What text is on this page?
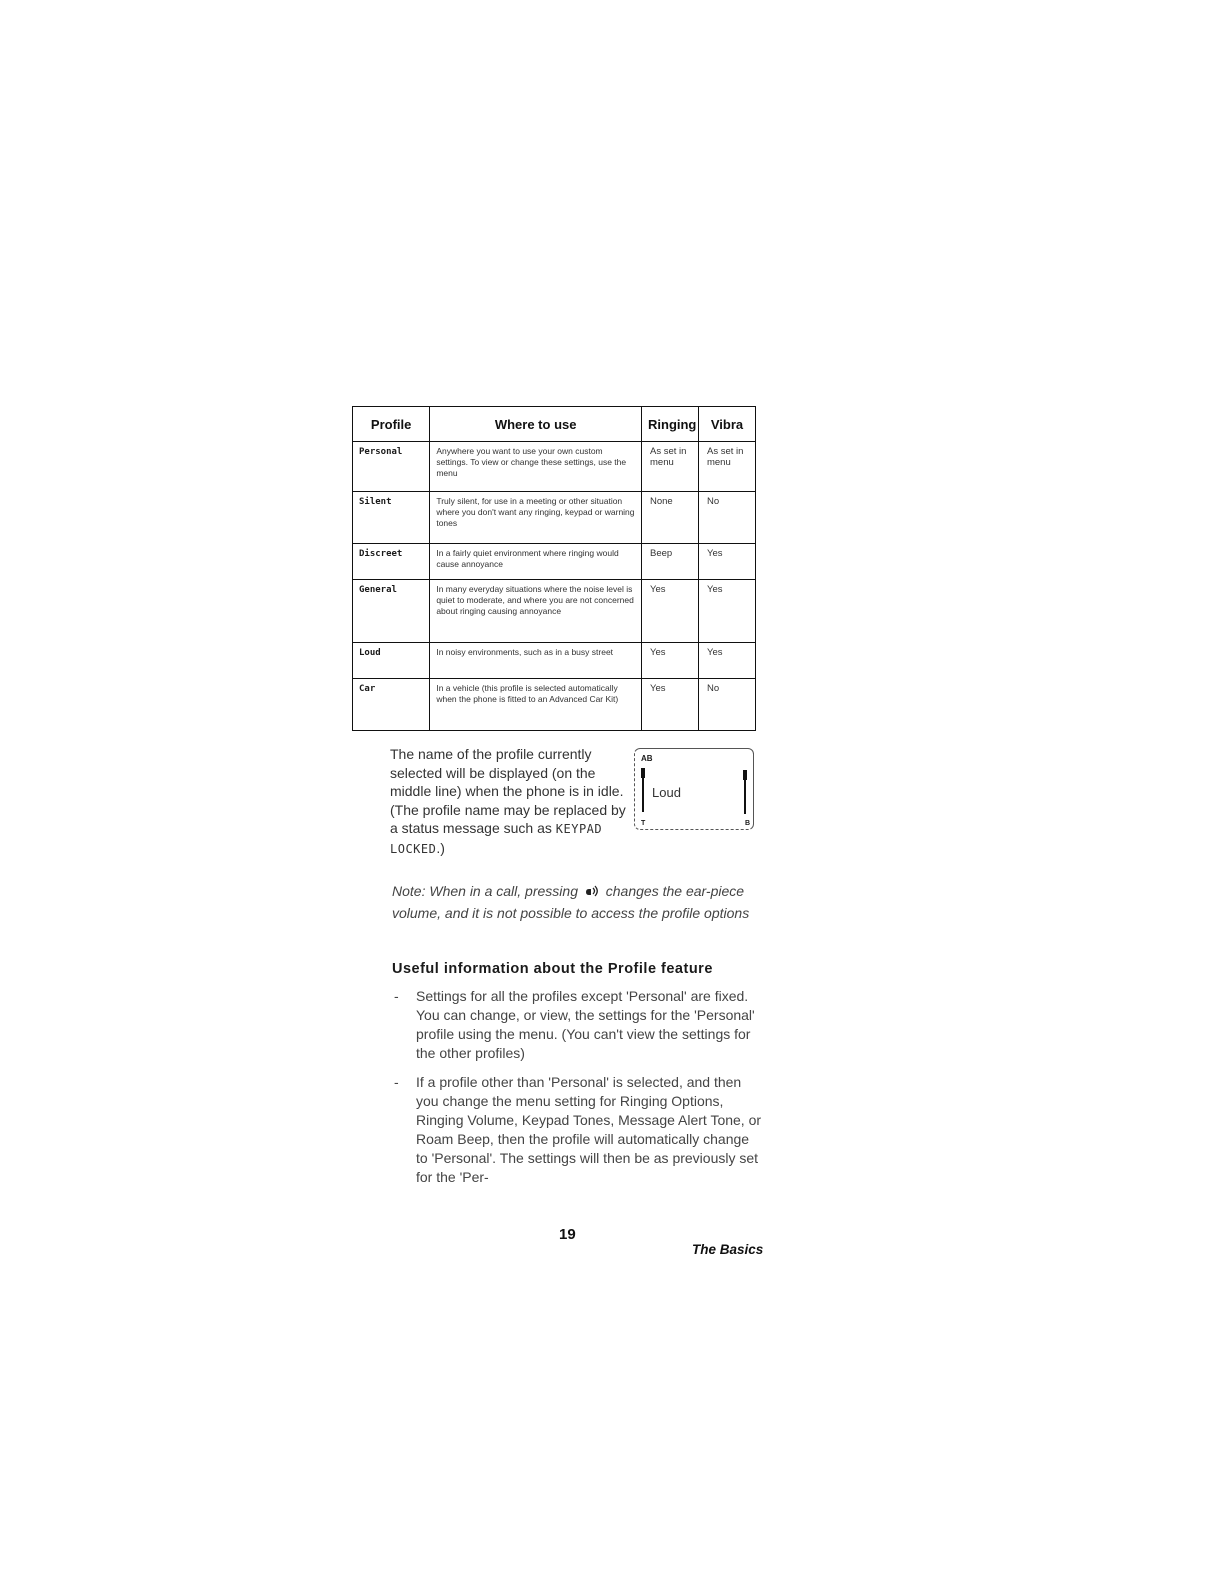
Profile	Where to use	Ringing	Vibra
Personal	Anywhere you want to use your own custom settings. To view or change these settings, use the menu	As set in menu	As set in menu
Silent	Truly silent, for use in a meeting or other situation where you don't want any ringing, keypad or warning tones	None	No
Discreet	In a fairly quiet environment where ringing would cause annoyance	Beep	Yes
General	In many everyday situations where the noise level is quiet to moderate, and where you are not concerned about ringing causing annoyance	Yes	Yes
Loud	In noisy environments, such as in a busy street	Yes	Yes
Car	In a vehicle (this profile is selected automatically when the phone is fitted to an Advanced Car Kit)	Yes	No
The name of the profile currently selected will be displayed (on the middle line) when the phone is in idle. (The profile name may be replaced by a status message such as KEYPAD LOCKED.)
AB
Loud
T	B
Note: When in a call, pressing changes the ear-piece volume, and it is not possible to access the profile options
Useful information about the Profile feature
- Settings for all the profiles except 'Personal' are fixed. You can change, or view, the settings for the 'Personal' profile using the menu. (You can't view the settings for the other profiles)
- If a profile other than 'Personal' is selected, and then you change the menu setting for Ringing Options, Ringing Volume, Keypad Tones, Message Alert Tone, or Roam Beep, then the profile will automatically change to 'Personal'. The settings will then be as previously set for the 'Per-
19
The Basics
